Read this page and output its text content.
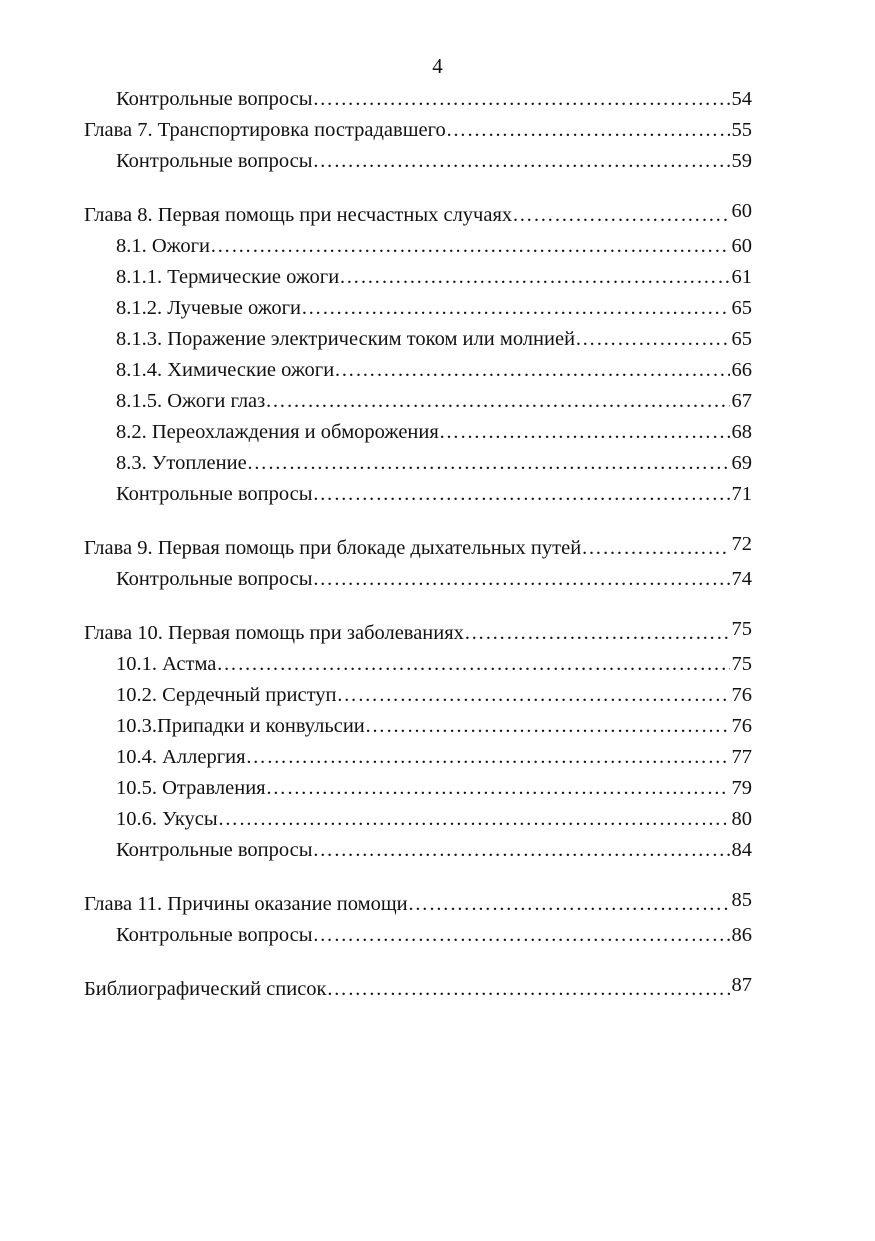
4
Контрольные вопросы ………………………………………………………………………………………………………………………………………………………………………………	54
Глава 7. Транспортировка пострадавшего ………………………………………………………………………………………………………………………………………………………………………………	55
Контрольные вопросы ………………………………………………………………………………………………………………………………………………………………………………	59
Глава 8. Первая помощь при несчастных случаях ………………………………………………………………………………………………………………………………………………………………………………	60
8.1. Ожоги ………………………………………………………………………………………………………………………………………………………………………………	60
8.1.1. Термические ожоги ………………………………………………………………………………………………………………………………………………………………………………	61
8.1.2. Лучевые ожоги ………………………………………………………………………………………………………………………………………………………………………………	65
8.1.3. Поражение электрическим током или молнией ………………………………………………………………………………………………………………………………………………………………………………	65
8.1.4. Химические ожоги ………………………………………………………………………………………………………………………………………………………………………………	66
8.1.5. Ожоги глаз ………………………………………………………………………………………………………………………………………………………………………………	67
8.2. Переохлаждения и обморожения ………………………………………………………………………………………………………………………………………………………………………………	68
8.3. Утопление ………………………………………………………………………………………………………………………………………………………………………………	69
Контрольные вопросы ………………………………………………………………………………………………………………………………………………………………………………	71
Глава 9. Первая помощь при блокаде дыхательных путей ………………………………………………………………………………………………………………………………………………………………………………	72
Контрольные вопросы ………………………………………………………………………………………………………………………………………………………………………………	74
Глава 10. Первая помощь при заболеваниях ………………………………………………………………………………………………………………………………………………………………………………	75
10.1. Астма ………………………………………………………………………………………………………………………………………………………………………………	75
10.2. Сердечный приступ ………………………………………………………………………………………………………………………………………………………………………………	76
10.3.Припадки и конвульсии ………………………………………………………………………………………………………………………………………………………………………………	76
10.4. Аллергия ………………………………………………………………………………………………………………………………………………………………………………	77
10.5. Отравления ………………………………………………………………………………………………………………………………………………………………………………	79
10.6. Укусы ………………………………………………………………………………………………………………………………………………………………………………	80
Контрольные вопросы ………………………………………………………………………………………………………………………………………………………………………………	84
Глава 11. Причины оказание помощи ………………………………………………………………………………………………………………………………………………………………………………	85
Контрольные вопросы ………………………………………………………………………………………………………………………………………………………………………………	86
Библиографический список ………………………………………………………………………………………………………………………………………………………………………………	87
